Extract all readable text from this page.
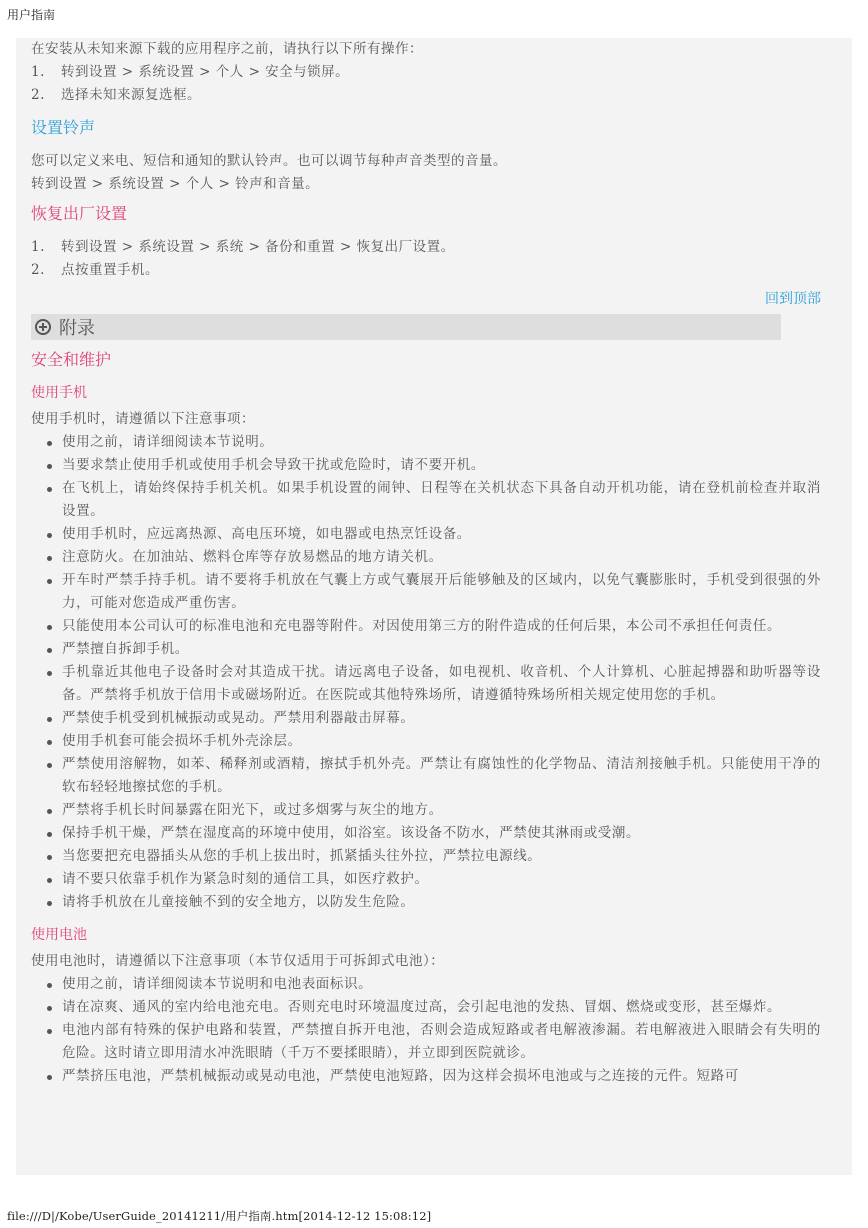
用户指南
在安装从未知来源下载的应用程序之前，请执行以下所有操作：
1. 转到设置 > 系统设置 > 个人 > 安全与锁屏。
2. 选择未知来源复选框。
设置铃声
您可以定义来电、短信和通知的默认铃声。也可以调节每种声音类型的音量。
转到设置 > 系统设置 > 个人 > 铃声和音量。
恢复出厂设置
1. 转到设置 > 系统设置 > 系统 > 备份和重置 > 恢复出厂设置。
2. 点按重置手机。
回到顶部
附录
安全和维护
使用手机
使用手机时，请遵循以下注意事项：
使用之前，请详细阅读本节说明。
当要求禁止使用手机或使用手机会导致干扰或危险时，请不要开机。
在飞机上，请始终保持手机关机。如果手机设置的闹钟、日程等在关机状态下具备自动开机功能，请在登机前检查并取消设置。
使用手机时，应远离热源、高电压环境，如电器或电热烹饪设备。
注意防火。在加油站、燃料仓库等存放易燃品的地方请关机。
开车时严禁手持手机。请不要将手机放在气囊上方或气囊展开后能够触及的区域内，以免气囊膨胀时，手机受到很强的外力，可能对您造成严重伤害。
只能使用本公司认可的标准电池和充电器等附件。对因使用第三方的附件造成的任何后果，本公司不承担任何责任。
严禁擅自拆卸手机。
手机靠近其他电子设备时会对其造成干扰。请远离电子设备，如电视机、收音机、个人计算机、心脏起搏器和助听器等设备。严禁将手机放于信用卡或磁场附近。在医院或其他特殊场所，请遵循特殊场所相关规定使用您的手机。
严禁使手机受到机械振动或晃动。严禁用利器敲击屏幕。
使用手机套可能会损坏手机外壳涂层。
严禁使用溶解物，如苯、稀释剂或酒精，擦拭手机外壳。严禁让有腐蚀性的化学物品、清洁剂接触手机。只能使用干净的软布轻轻地擦拭您的手机。
严禁将手机长时间暴露在阳光下，或过多烟雾与灰尘的地方。
保持手机干燥，严禁在湿度高的环境中使用，如浴室。该设备不防水，严禁使其淋雨或受潮。
当您要把充电器插头从您的手机上拔出时，抓紧插头往外拉，严禁拉电源线。
请不要只依靠手机作为紧急时刻的通信工具，如医疗救护。
请将手机放在儿童接触不到的安全地方，以防发生危险。
使用电池
使用电池时，请遵循以下注意事项（本节仅适用于可拆卸式电池）：
使用之前，请详细阅读本节说明和电池表面标识。
请在凉爽、通风的室内给电池充电。否则充电时环境温度过高，会引起电池的发热、冒烟、燃烧或变形，甚至爆炸。
电池内部有特殊的保护电路和装置，严禁擅自拆开电池，否则会造成短路或者电解液渗漏。若电解液进入眼睛会有失明的危险。这时请立即用清水冲洗眼睛（千万不要揉眼睛），并立即到医院就诊。
严禁挤压电池，严禁机械振动或晃动电池，严禁使电池短路，因为这样会损坏电池或与之连接的元件。短路可
file:///D|/Kobe/UserGuide_20141211/用户指南.htm[2014-12-12 15:08:12]
